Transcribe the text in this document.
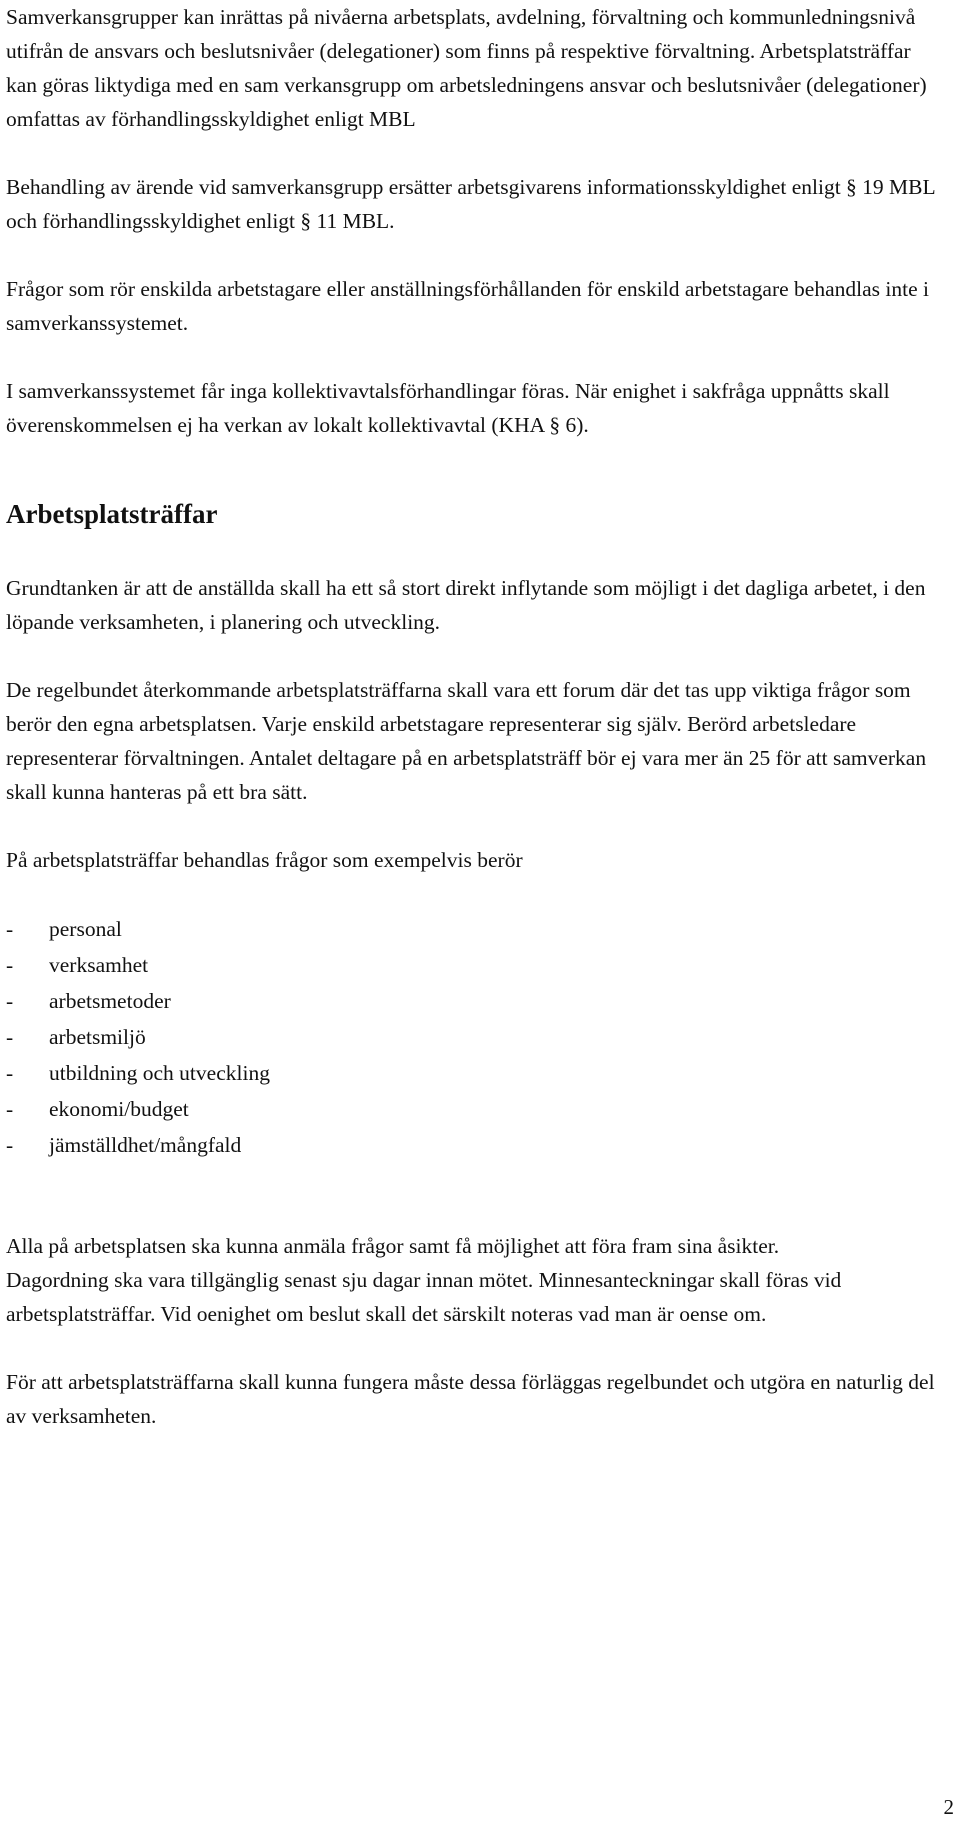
Samverkansgrupper kan inrättas på nivåerna arbetsplats, avdelning, förvaltning och kommunledningsnivå utifrån de ansvars och beslutsnivåer (delegationer) som finns på respektive förvaltning. Arbetsplatsträffar kan göras liktydiga med en sam verkansgrupp om arbetsledningens ansvar och beslutsnivåer (delegationer) omfattas av förhandlingsskyldighet enligt MBL

Behandling av ärende vid samverkansgrupp ersätter arbetsgivarens informationsskyldighet enligt § 19 MBL och förhandlingsskyldighet enligt § 11 MBL.

Frågor som rör enskilda arbetstagare eller anställningsförhållanden för enskild arbetstagare behandlas inte i samverkanssystemet.

I samverkanssystemet får inga kollektivavtalsförhandlingar föras. När enighet i sakfråga uppnåtts skall överenskommelsen ej ha verkan av lokalt kollektivavtal (KHA § 6).

Arbetsplatsträffar

Grundtanken är att de anställda skall ha ett så stort direkt inflytande som möjligt i det dagliga arbetet, i den löpande verksamheten, i planering och utveckling.

De regelbundet återkommande arbetsplatsträffarna skall vara ett forum där det tas upp viktiga frågor som berör den egna arbetsplatsen. Varje enskild arbetstagare representerar sig själv. Berörd arbetsledare representerar förvaltningen. Antalet deltagare på en arbetsplatsträff bör ej vara mer än 25 för att samverkan skall kunna hanteras på ett bra sätt.

På arbetsplatsträffar behandlas frågor som exempelvis berör

- personal
- verksamhet
- arbetsmetoder
- arbetsmiljö
- utbildning och utveckling
- ekonomi/budget
- jämställdhet/mångfald

Alla på arbetsplatsen ska kunna anmäla frågor samt få möjlighet att föra fram sina åsikter.

Dagordning ska vara tillgänglig senast sju dagar innan mötet. Minnesanteckningar skall föras vid arbetsplatsträffar. Vid oenighet om beslut skall det särskilt noteras vad man är oense om.

För att arbetsplatsträffarna skall kunna fungera måste dessa förläggas regelbundet och utgöra en naturlig del av verksamheten.

2
